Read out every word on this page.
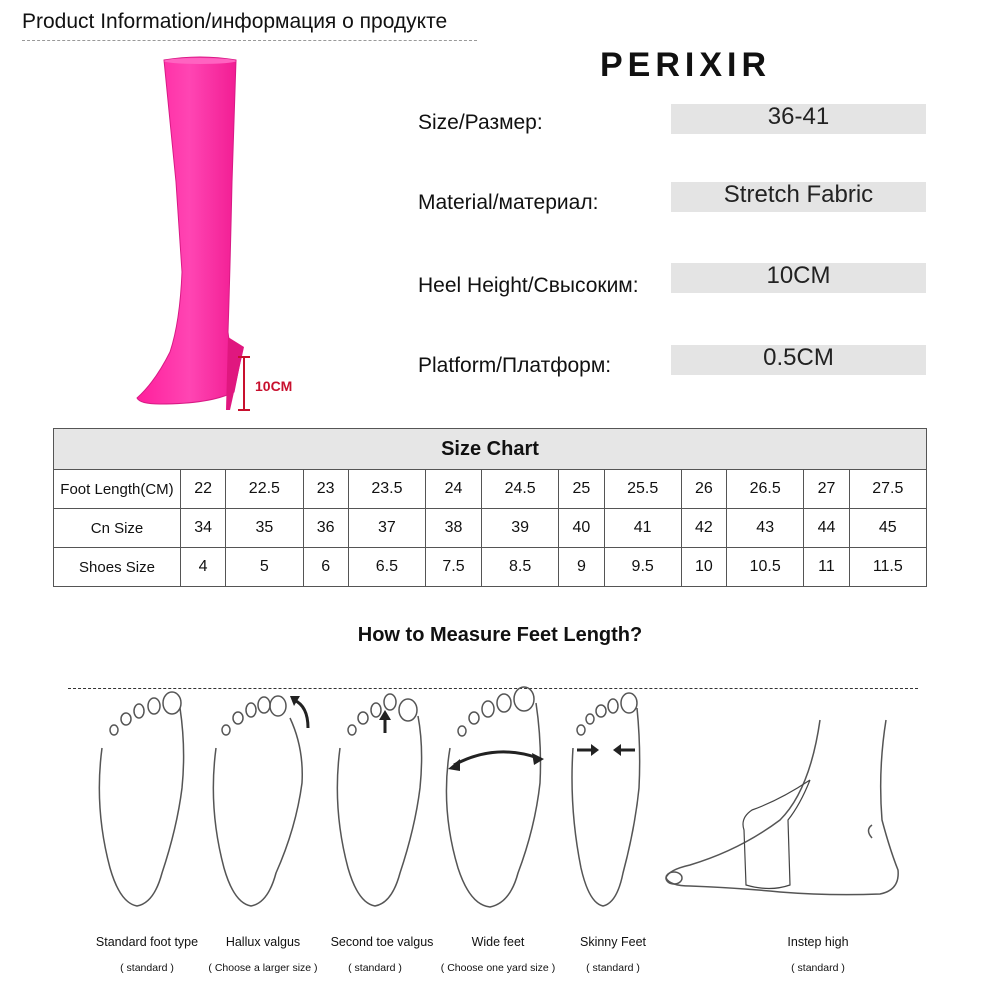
Product Information/информация о продукте
PERIXIR
10CM
Size/Размер:	36-41
Material/материал:	Stretch Fabric
Heel Height/Свысоким:	10CM
Platform/Платформ:	0.5CM
Size Chart												
Foot Length(CM)	22	22.5	23	23.5	24	24.5	25	25.5	26	26.5	27	27.5
Cn Size	34	35	36	37	38	39	40	41	42	43	44	45
Shoes Size	4	5	6	6.5	7.5	8.5	9	9.5	10	10.5	11	11.5
How to Measure Feet Length?
Standard foot type
( standard )
Hallux valgus
( Choose a larger size )
Second toe valgus
( standard )
Wide feet
( Choose one yard size )
Skinny Feet
( standard )
Instep high
( standard )
